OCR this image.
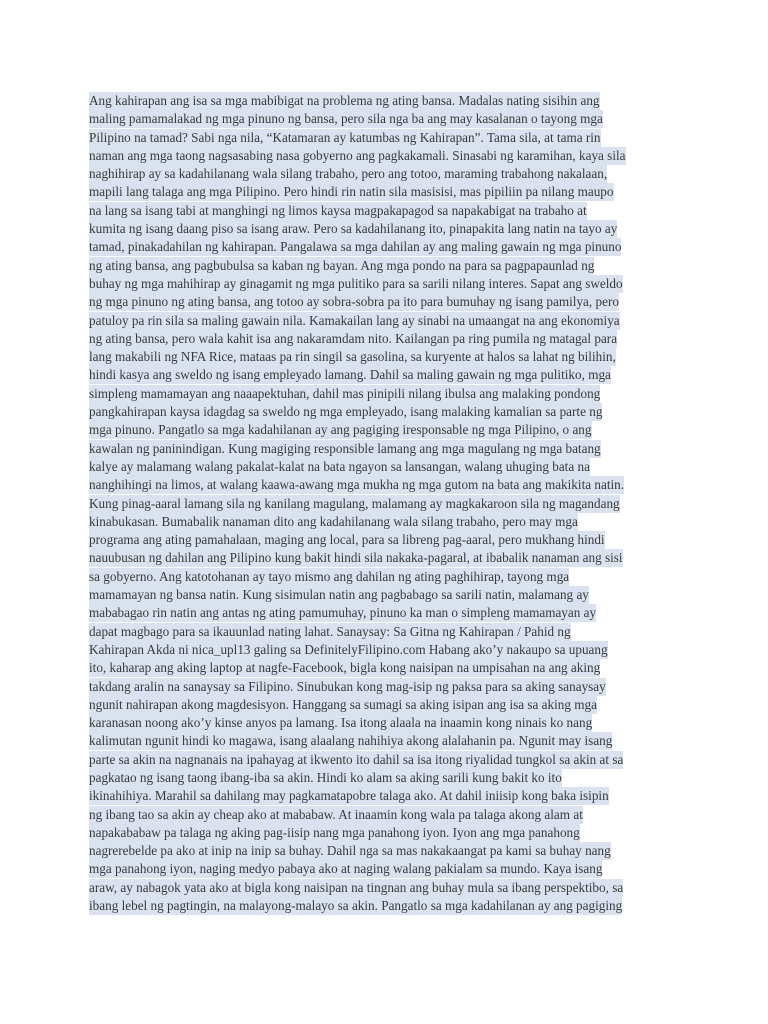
Ang kahirapan ang isa sa mga mabibigat na problema ng ating bansa. Madalas nating sisihin ang
maling pamamalakad ng mga pinuno ng bansa, pero sila nga ba ang may kasalanan o tayong mga
Pilipino na tamad? Sabi nga nila, “Katamaran ay katumbas ng Kahirapan”. Tama sila, at tama rin
naman ang mga taong nagsasabing nasa gobyerno ang pagkakamali. Sinasabi ng karamihan, kaya sila
naghihirap ay sa kadahilanang wala silang trabaho, pero ang totoo, maraming trabahong nakalaan,
mapili lang talaga ang mga Pilipino. Pero hindi rin natin sila masisisi, mas pipiliin pa nilang maupo
na lang sa isang tabi at manghingi ng limos kaysa magpakapagod sa napakabigat na trabaho at
kumita ng isang daang piso sa isang araw. Pero sa kadahilanang ito, pinapakita lang natin na tayo ay
tamad, pinakadahilan ng kahirapan. Pangalawa sa mga dahilan ay ang maling gawain ng mga pinuno
ng ating bansa, ang pagbubulsa sa kaban ng bayan. Ang mga pondo na para sa pagpapaunlad ng
buhay ng mga mahihirap ay ginagamit ng mga pulitiko para sa sarili nilang interes. Sapat ang sweldo
ng mga pinuno ng ating bansa, ang totoo ay sobra-sobra pa ito para bumuhay ng isang pamilya, pero
patuloy pa rin sila sa maling gawain nila. Kamakailan lang ay sinabi na umaangat na ang ekonomiya
ng ating bansa, pero wala kahit isa ang nakaramdam nito. Kailangan pa ring pumila ng matagal para
lang makabili ng NFA Rice, mataas pa rin singil sa gasolina, sa kuryente at halos sa lahat ng bilihin,
hindi kasya ang sweldo ng isang empleyado lamang. Dahil sa maling gawain ng mga pulitiko, mga
simpleng mamamayan ang naaapektuhan, dahil mas pinipili nilang ibulsa ang malaking pondong
pangkahirapan kaysa idagdag sa sweldo ng mga empleyado, isang malaking kamalian sa parte ng
mga pinuno. Pangatlo sa mga kadahilanan ay ang pagiging iresponsable ng mga Pilipino, o ang
kawalan ng paninindigan. Kung magiging responsible lamang ang mga magulang ng mga batang
kalye ay malamang walang pakalat-kalat na bata ngayon sa lansangan, walang uhuging bata na
nanghihingi na limos, at walang kaawa-awang mga mukha ng mga gutom na bata ang makikita natin.
Kung pinag-aaral lamang sila ng kanilang magulang, malamang ay magkakaroon sila ng magandang
kinabukasan. Bumabalik nanaman dito ang kadahilanang wala silang trabaho, pero may mga
programa ang ating pamahalaan, maging ang local, para sa libreng pag-aaral, pero mukhang hindi
nauubusan ng dahilan ang Pilipino kung bakit hindi sila nakaka-pagaral, at ibabalik nanaman ang sisi
sa gobyerno. Ang katotohanan ay tayo mismo ang dahilan ng ating paghihirap, tayong mga
mamamayan ng bansa natin. Kung sisimulan natin ang pagbabago sa sarili natin, malamang ay
mababagao rin natin ang antas ng ating pamumuhay, pinuno ka man o simpleng mamamayan ay
dapat magbago para sa ikauunlad nating lahat. Sanaysay: Sa Gitna ng Kahirapan / Pahid ng
Kahirapan Akda ni nica_upl13 galing sa DefinitelyFilipino.com Habang ako’y nakaupo sa upuang
ito, kaharap ang aking laptop at nagfe-Facebook, bigla kong naisipan na umpisahan na ang aking
takdang aralin na sanaysay sa Filipino. Sinubukan kong mag-isip ng paksa para sa aking sanaysay
ngunit nahirapan akong magdesisyon. Hanggang sa sumagi sa aking isipan ang isa sa aking mga
karanasan noong ako’y kinse anyos pa lamang. Isa itong alaala na inaamin kong ninais ko nang
kalimutan ngunit hindi ko magawa, isang alaalang nahihiya akong alalahanin pa. Ngunit may isang
parte sa akin na nagnanais na ipahayag at ikwento ito dahil sa isa itong riyalidad tungkol sa akin at sa
pagkatao ng isang taong ibang-iba sa akin. Hindi ko alam sa aking sarili kung bakit ko ito
ikinahihiya. Marahil sa dahilang may pagkamatapobre talaga ako. At dahil iniisip kong baka isipin
ng ibang tao sa akin ay cheap ako at mababaw. At inaamin kong wala pa talaga akong alam at
napakababaw pa talaga ng aking pag-iisip nang mga panahong iyon. Iyon ang mga panahong
nagrerebelde pa ako at inip na inip sa buhay. Dahil nga sa mas nakakaangat pa kami sa buhay nang
mga panahong iyon, naging medyo pabaya ako at naging walang pakialam sa mundo. Kaya isang
araw, ay nabagok yata ako at bigla kong naisipan na tingnan ang buhay mula sa ibang perspektibo, sa
ibang lebel ng pagtingin, na malayong-malayo sa akin. Pangatlo sa mga kadahilanan ay ang pagiging
